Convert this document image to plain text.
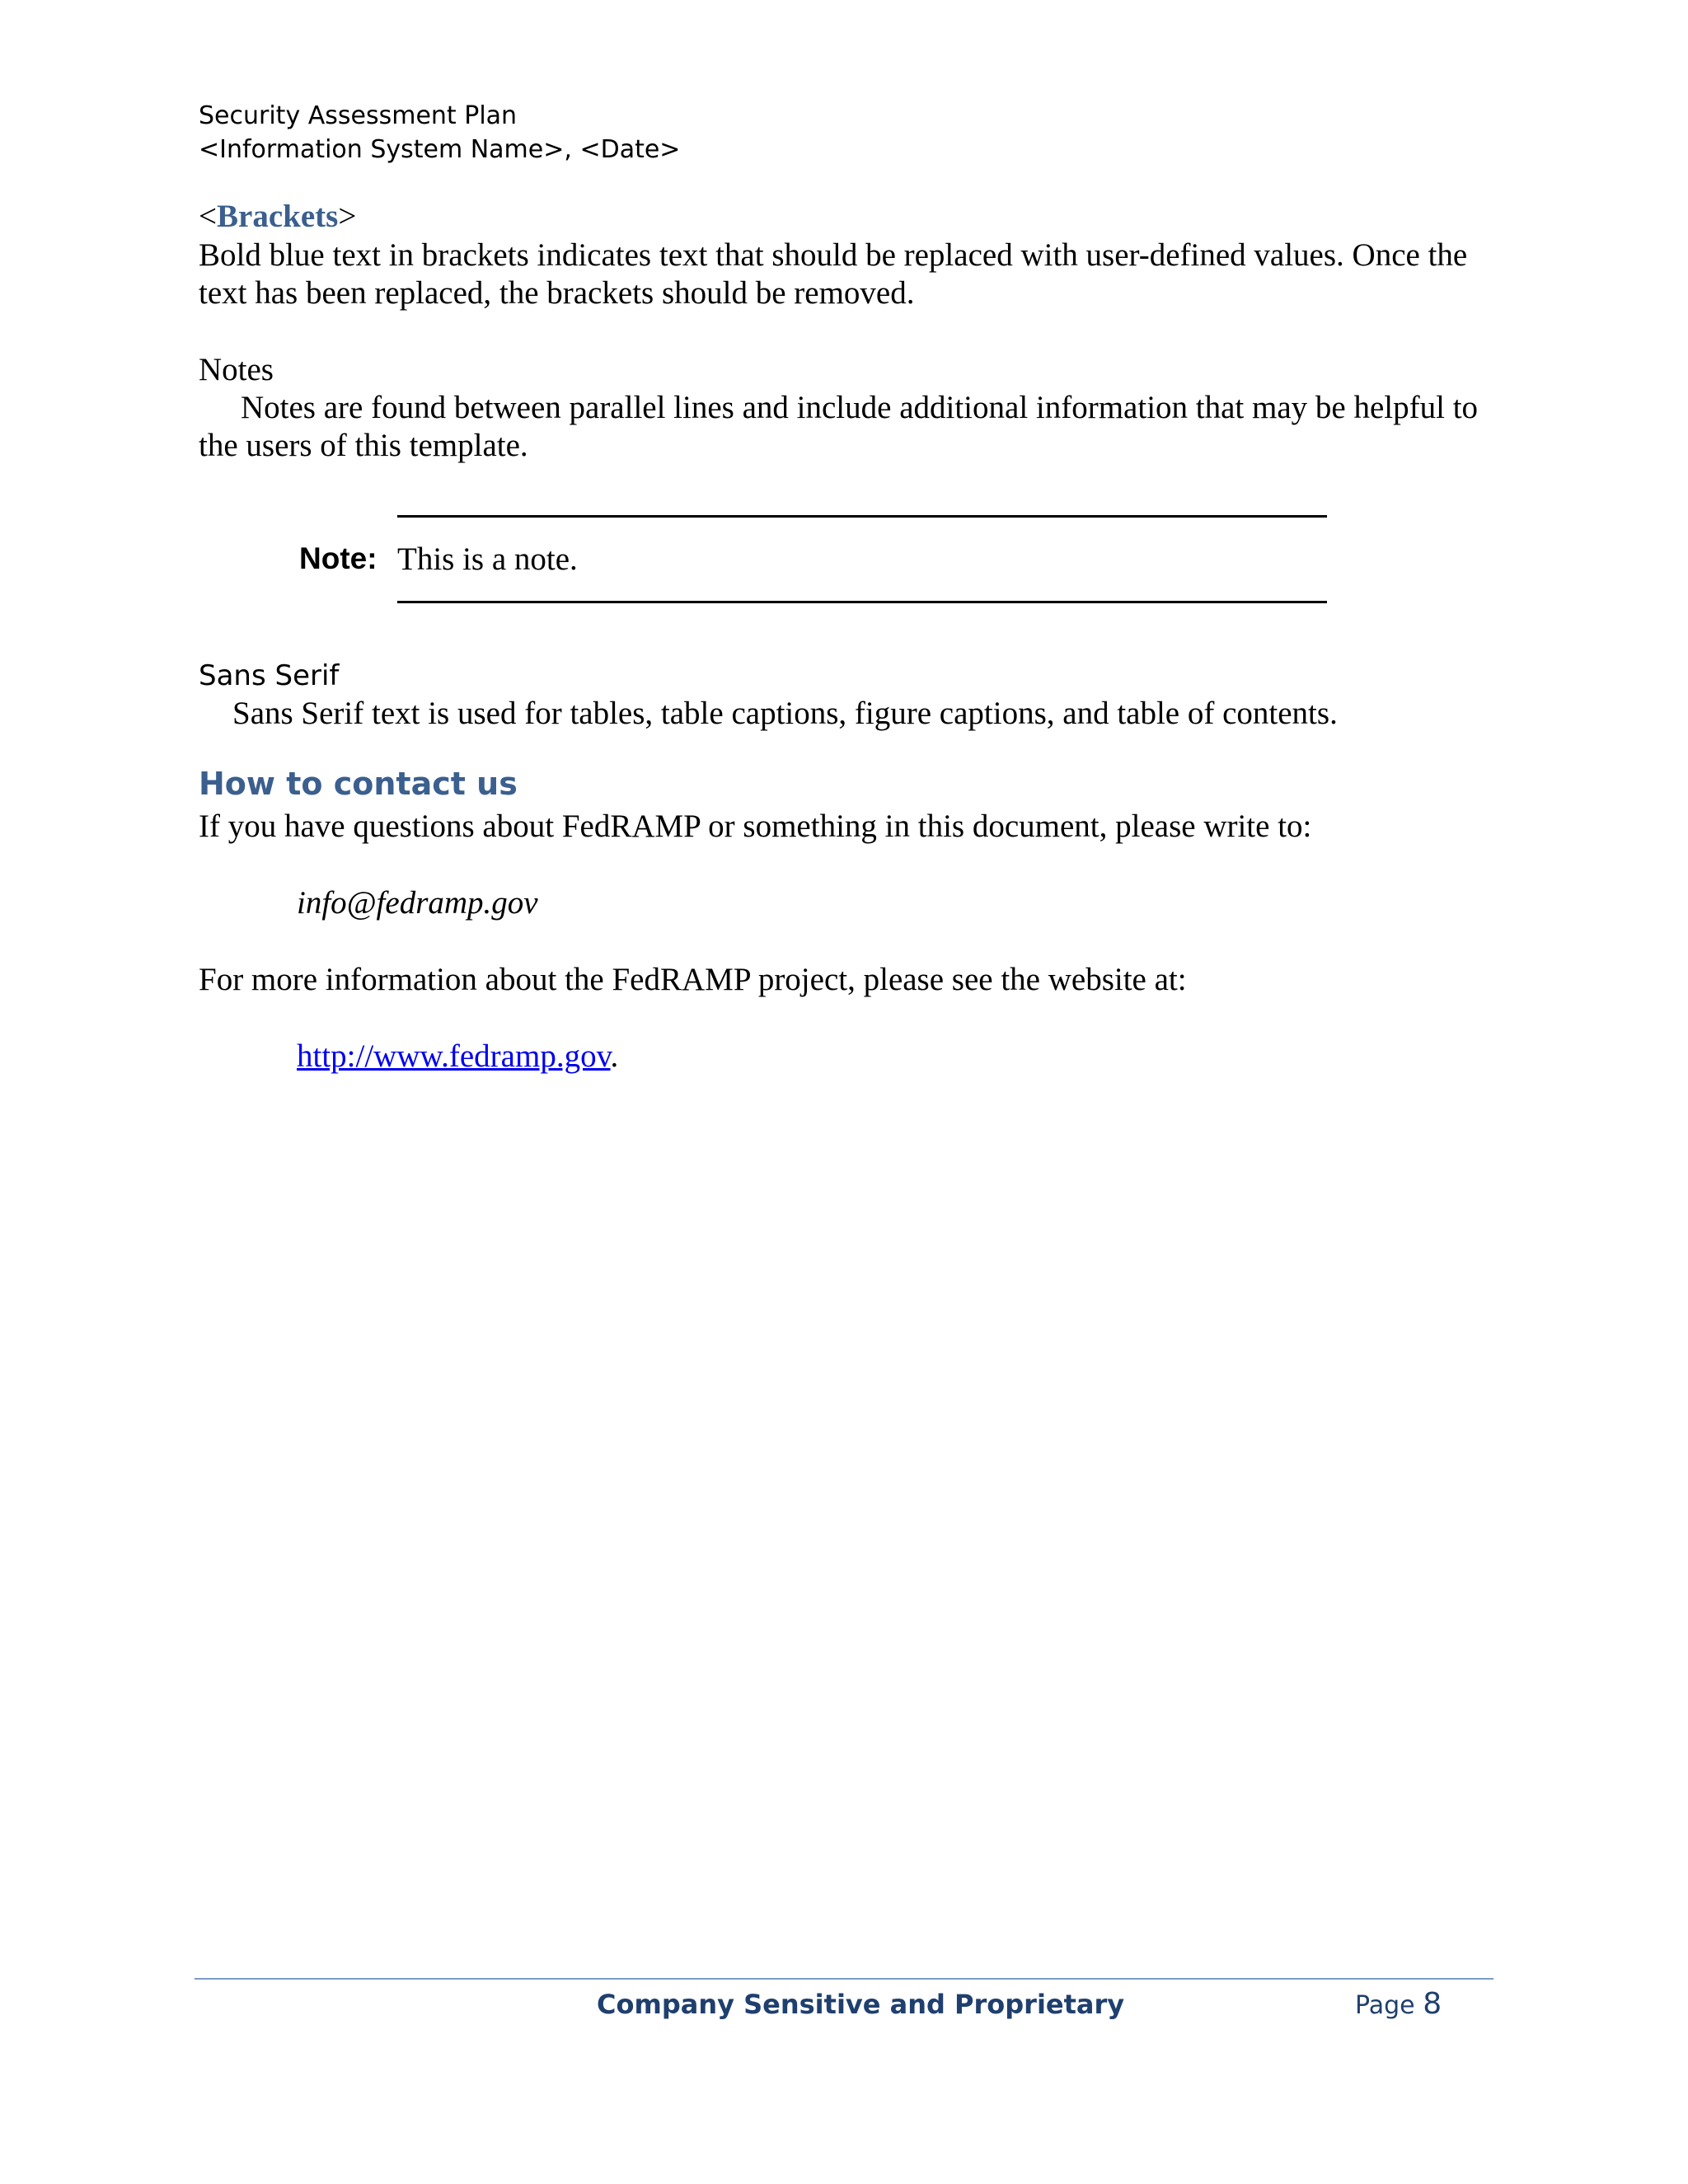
Security Assessment Plan
<Information System Name>, <Date>
<Brackets>
Bold blue text in brackets indicates text that should be replaced with user-defined values. Once the text has been replaced, the brackets should be removed.
Notes
Notes are found between parallel lines and include additional information that may be helpful to the users of this template.
Note: This is a note.
Sans Serif
Sans Serif text is used for tables, table captions, figure captions, and table of contents.
How to contact us
If you have questions about FedRAMP or something in this document, please write to:
info@fedramp.gov
For more information about the FedRAMP project, please see the website at:
http://www.fedramp.gov.
Company Sensitive and Proprietary	Page 8
